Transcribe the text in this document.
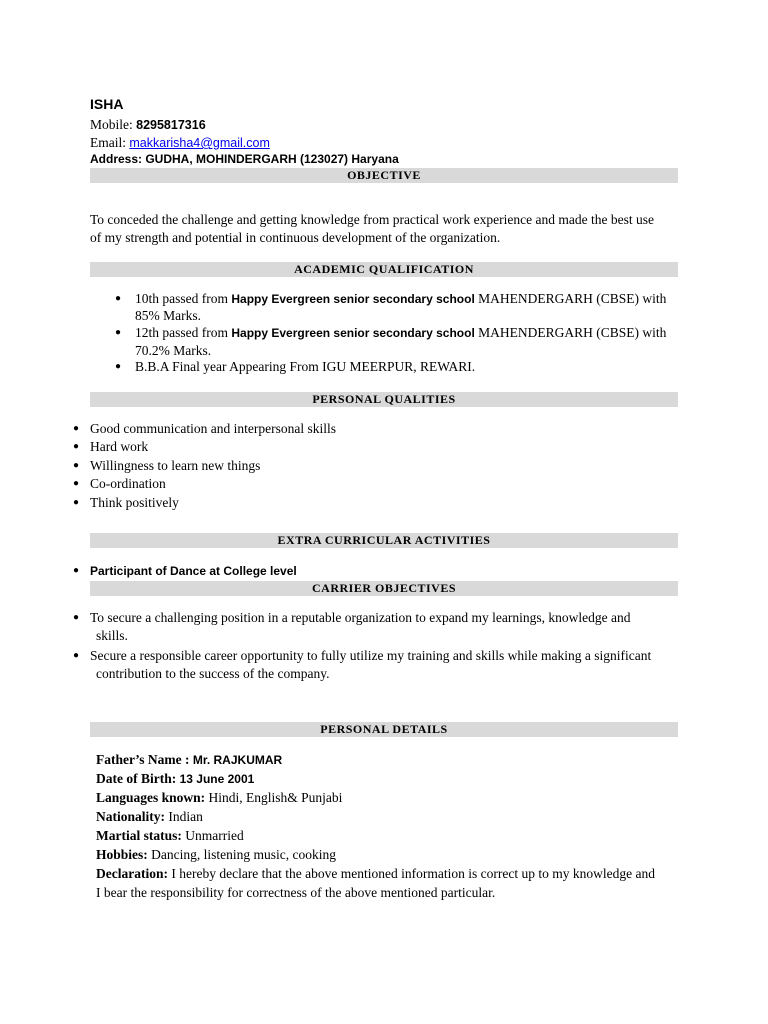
ISHA
Mobile: 8295817316
Email: makkarisha4@gmail.com
Address: GUDHA, MOHINDERGARH (123027) Haryana
OBJECTIVE
To conceded the challenge and getting knowledge from practical work experience and made the best use
of my strength and potential in continuous development of the organization.
ACADEMIC QUALIFICATION
● 10th passed from Happy Evergreen senior secondary school MAHENDERGARH (CBSE) with
85% Marks.
● 12th passed from Happy Evergreen senior secondary school MAHENDERGARH (CBSE) with
70.2% Marks.
● B.B.A Final year Appearing From IGU MEERPUR, REWARI.
PERSONAL QUALITIES
● Good communication and interpersonal skills
● Hard work
● Willingness to learn new things
● Co-ordination
● Think positively
EXTRA CURRICULAR ACTIVITIES
● Participant of Dance at College level
CARRIER OBJECTIVES
● To secure a challenging position in a reputable organization to expand my learnings, knowledge and
skills.
● Secure a responsible career opportunity to fully utilize my training and skills while making a significant
contribution to the success of the company.
PERSONAL DETAILS
Father’s Name : Mr. RAJKUMAR
Date of Birth: 13 June 2001
Languages known: Hindi, English& Punjabi
Nationality: Indian
Martial status: Unmarried
Hobbies: Dancing, listening music, cooking
Declaration: I hereby declare that the above mentioned information is correct up to my knowledge and
I bear the responsibility for correctness of the above mentioned particular.
